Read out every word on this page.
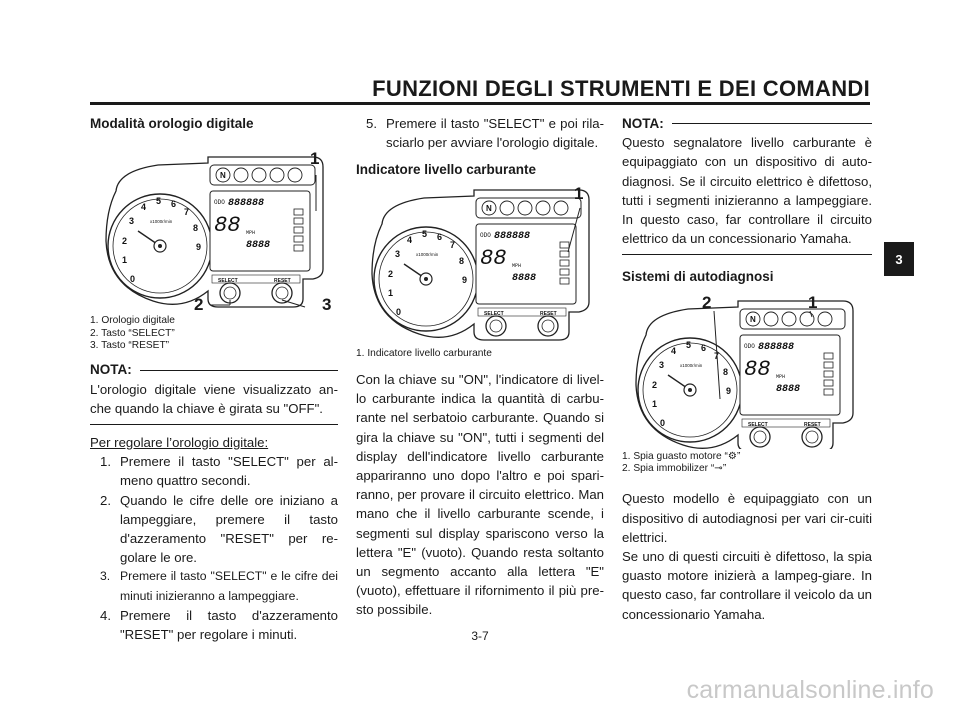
FUNZIONI DEGLI STRUMENTI E DEI COMANDI
3
Modalità orologio digitale
1
2	3

1. Orologio digitale

2. Tasto “SELECT”

3. Tasto “RESET”

NOTA:

L'orologio digitale viene visualizzato an-che quando la chiave è girata su "OFF".

Per regolare l’orologio digitale:

1. Premere il tasto "SELECT" per al-meno quattro secondi.
2. Quando le cifre delle ore iniziano a lampeggiare, premere il tasto d'azzeramento "RESET" per re-golare le ore.
3. Premere il tasto "SELECT" e le cifre dei minuti inizieranno a lampeggiare.
4. Premere il tasto d'azzeramento "RESET" per regolare i minuti.
5. Premere il tasto "SELECT" e poi rila-sciarlo per avviare l'orologio digitale.
Indicatore livello carburante
1

1. Indicatore livello carburante

Con la chiave su "ON", l'indicatore di livel-lo carburante indica la quantità di carbu-rante nel serbatoio carburante. Quando si gira la chiave su "ON", tutti i segmenti del display dell'indicatore livello carburante appariranno uno dopo l'altro e poi spari-ranno, per provare il circuito elettrico. Man mano che il livello carburante scende, i segmenti sul display spariscono verso la lettera "E" (vuoto). Quando resta soltanto un segmento accanto alla lettera "E" (vuoto), effettuare il rifornimento il più pre-sto possibile.

NOTA:

Questo segnalatore livello carburante è equipaggiato con un dispositivo di auto-diagnosi. Se il circuito elettrico è difettoso, tutti i segmenti inizieranno a lampeggiare. In questo caso, far controllare il circuito elettrico da un concessionario Yamaha.

Sistemi di autodiagnosi
2	1

1. Spia guasto motore “⚙”

2. Spia immobilizer “⊸”

Questo modello è equipaggiato con un dispositivo di autodiagnosi per vari cir-cuiti elettrici.

Se uno di questi circuiti è difettoso, la spia guasto motore inizierà a lampeg-giare. In questo caso, far controllare il veicolo da un concessionario Yamaha.

3-7
carmanualsonline.info
